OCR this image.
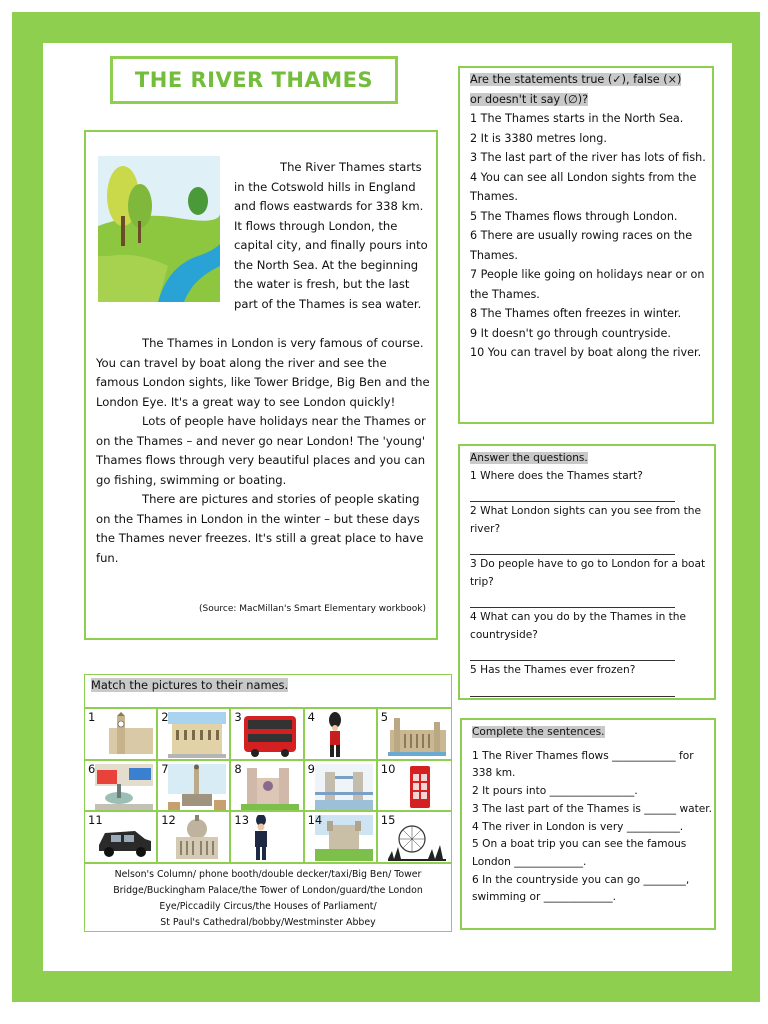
THE RIVER THAMES

The River Thames starts in the Cotswold hills in England and flows eastwards for 338 km. It flows through London, the capital city, and finally pours into the North Sea. At the beginning the water is fresh, but the last part of the Thames is sea water.

The Thames in London is very famous of course. You can travel by boat along the river and see the famous London sights, like Tower Bridge, Big Ben and the London Eye. It's a great way to see London quickly!

Lots of people have holidays near the Thames or on the Thames – and never go near London! The 'young' Thames flows through very beautiful places and you can go fishing, swimming or boating.

There are pictures and stories of people skating on the Thames in London in the winter – but these days the Thames never freezes. It's still a great place to have fun.

(Source: MacMillan's Smart Elementary workbook)
Are the statements true (✓), false (×)
or doesn't it say (∅)?
1 The Thames starts in the North Sea.
2 It is 3380 metres long.
3 The last part of the river has lots of fish.
4 You can see all London sights from the Thames.
5 The Thames flows through London.
6 There are usually rowing races on the Thames.
7 People like going on holidays near or on the Thames.
8 The Thames often freezes in winter.
9 It doesn't go through countryside.
10 You can travel by boat along the river.
Answer the questions.
1 Where does the Thames start?
2 What London sights can you see from the river?
3 Do people have to go to London for a boat trip?
4 What can you do by the Thames in the countryside?
5 Has the Thames ever frozen?
Complete the sentences.
1 The River Thames flows ____________ for 338 km.
2 It pours into ________________.
3 The last part of the Thames is ______ water.
4 The river in London is very __________.
5 On a boat trip you can see the famous London _____________.
6 In the countryside you can go ________, swimming or _____________.
Match the pictures to their names.
1	2	3	4	5
6	7	8	9	10
11	12	13	14	15
Nelson's Column/ phone booth/double decker/taxi/Big Ben/ Tower
Bridge/Buckingham Palace/the Tower of London/guard/the London
Eye/Piccadily Circus/the Houses of Parliament/
St Paul's Cathedral/bobby/Westminster Abbey
